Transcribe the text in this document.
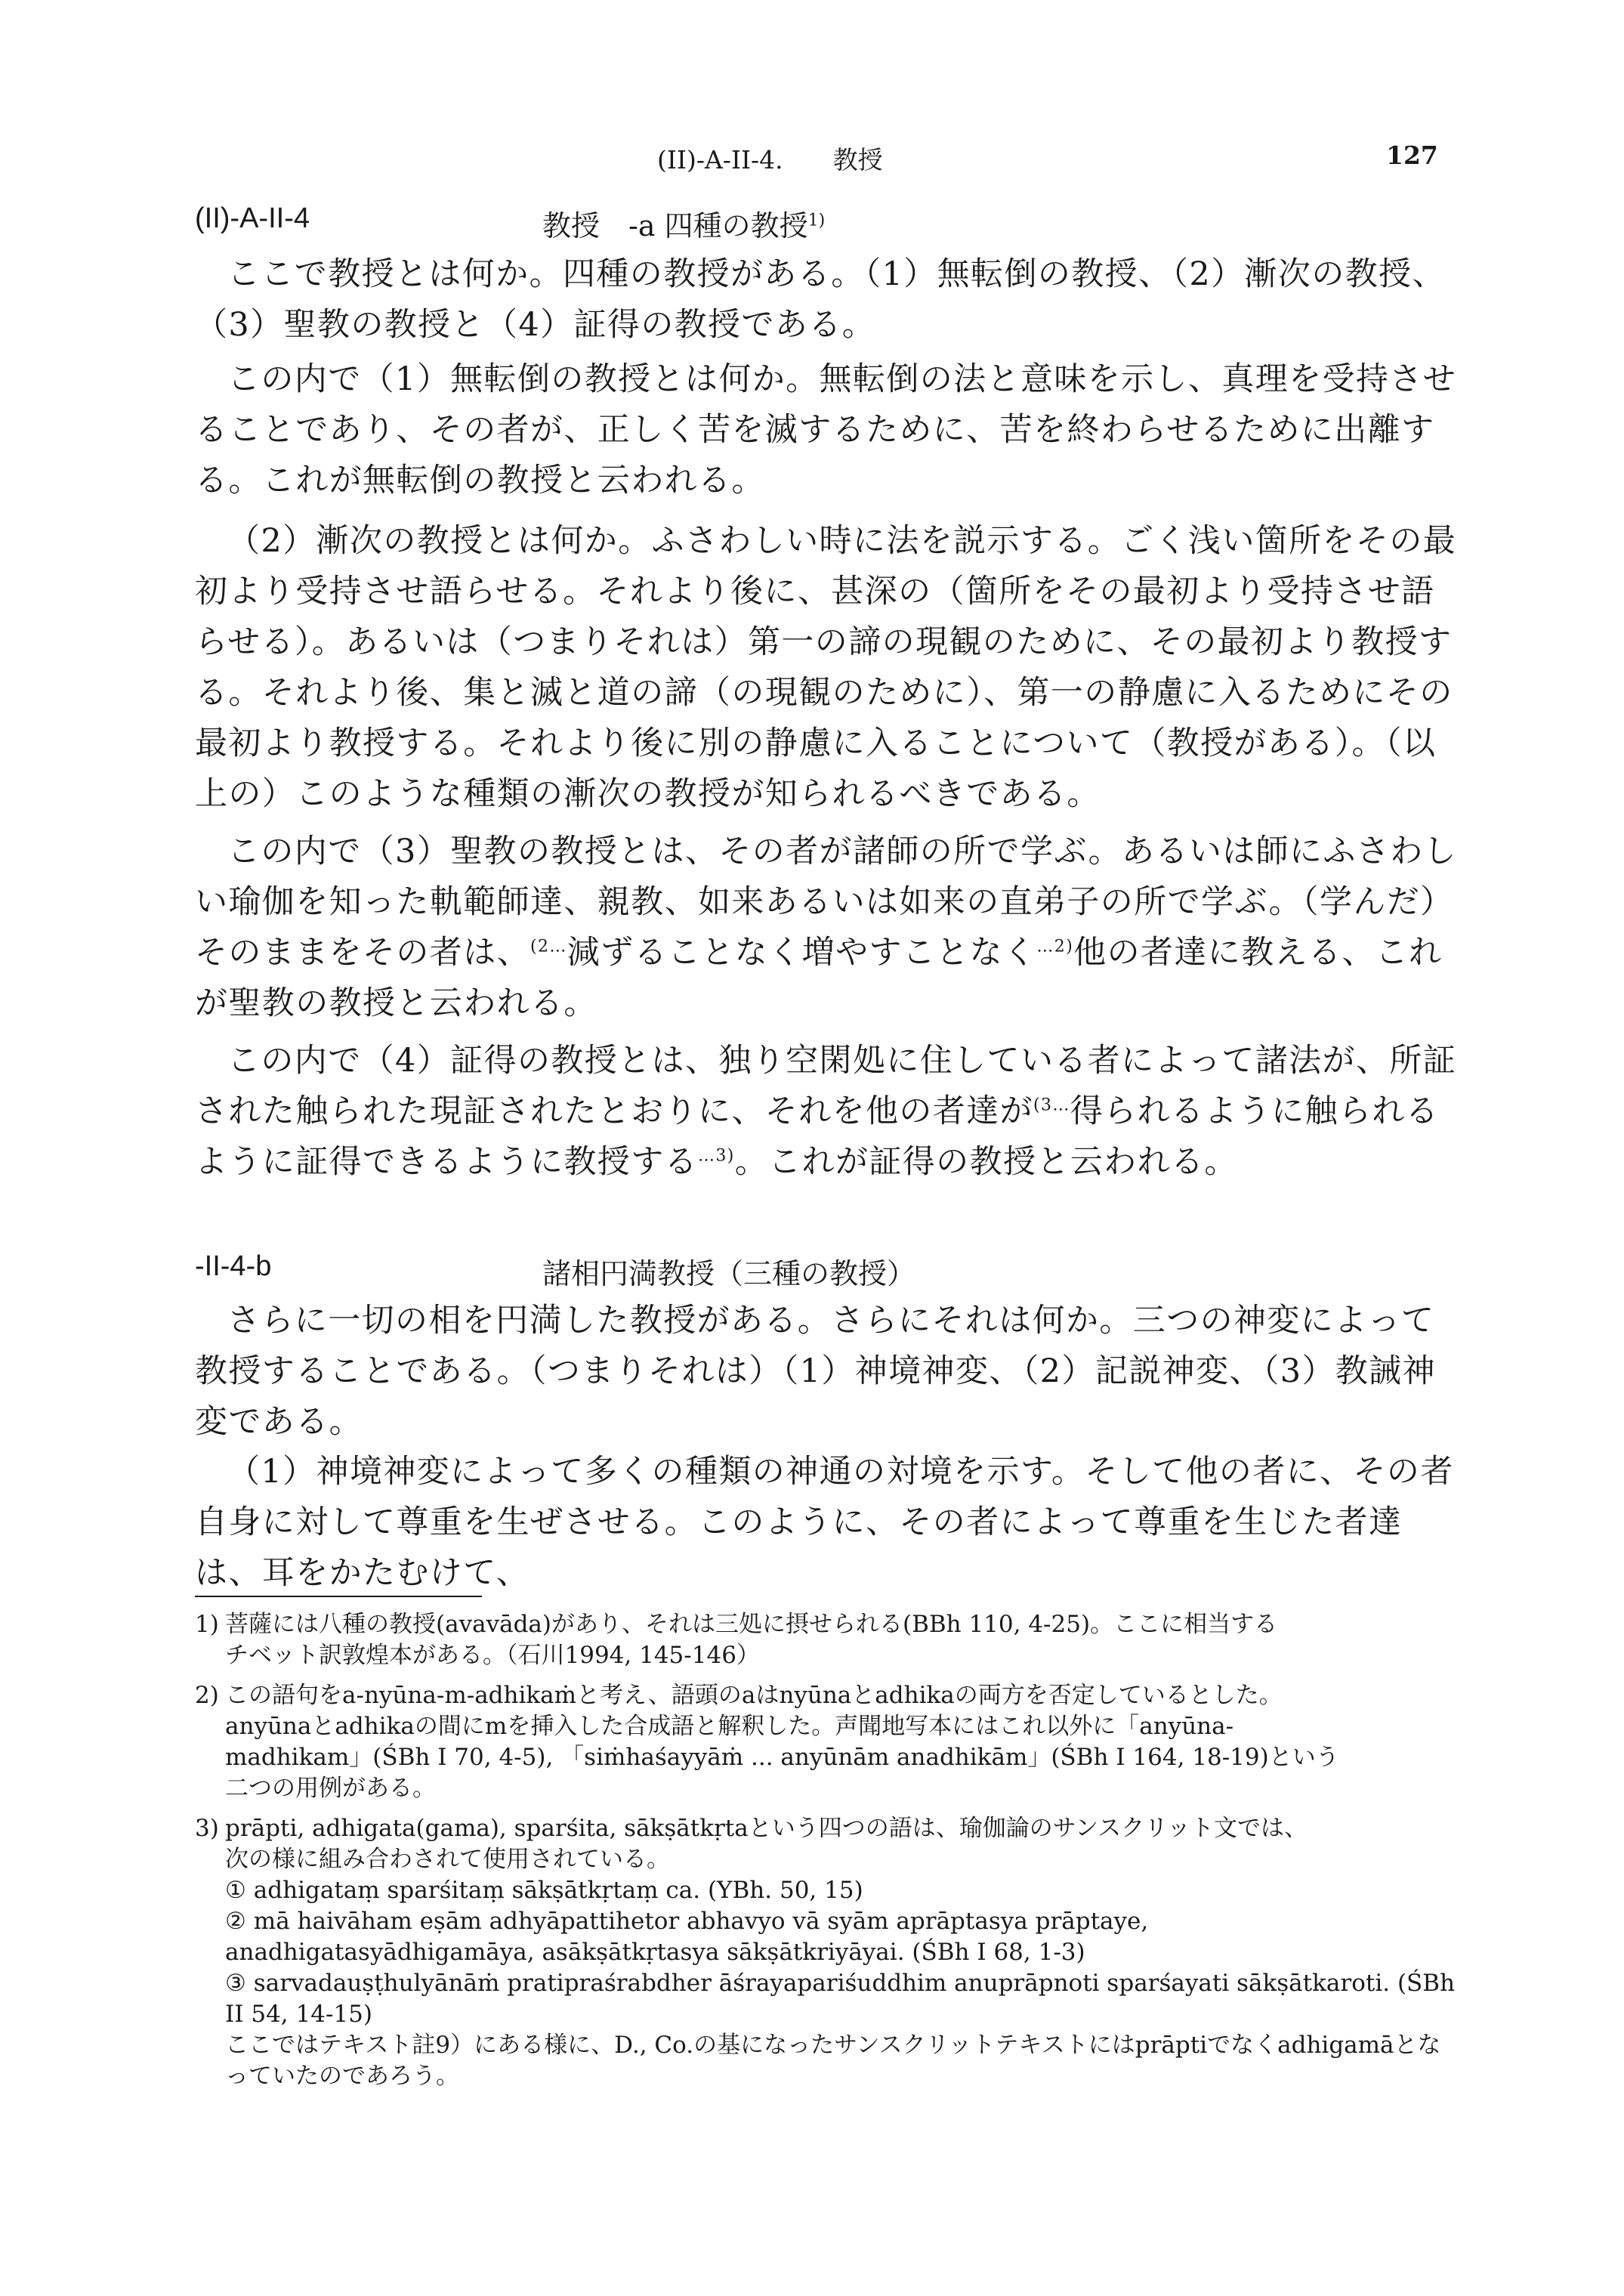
(II)-A-II-4.　　教授	127
(II)-A-II-4	教授　-a 四種の教授$^{1)}$

ここで教授とは何か。四種の教授がある。（1）無転倒の教授、（2）漸次の教授、（3）聖教の教授と（4）証得の教授である。

この内で（1）無転倒の教授とは何か。無転倒の法と意味を示し、真理を受持させることであり、その者が、正しく苦を滅するために、苦を終わらせるために出離する。これが無転倒の教授と云われる。

（2）漸次の教授とは何か。ふさわしい時に法を説示する。ごく浅い箇所をその最初より受持させ語らせる。それより後に、甚深の（箇所をその最初より受持させ語らせる）。あるいは（つまりそれは）第一の諦の現観のために、その最初より教授する。それより後、集と滅と道の諦（の現観のために）、第一の静慮に入るためにその最初より教授する。それより後に別の静慮に入ることについて（教授がある）。（以上の）このような種類の漸次の教授が知られるべきである。

この内で（3）聖教の教授とは、その者が諸師の所で学ぶ。あるいは師にふさわしい瑜伽を知った軌範師達、親教、如来あるいは如来の直弟子の所で学ぶ。（学んだ）そのままをその者は、$^{(2\dots}$減ずることなく増やすことなく$^{\dots 2)}$他の者達に教える、これが聖教の教授と云われる。

この内で（4）証得の教授とは、独り空閑処に住している者によって諸法が、所証された触られた現証されたとおりに、それを他の者達が$^{(3\dots}$得られるように触られるように証得できるように教授する$^{\dots 3)}$。これが証得の教授と云われる。

-II-4-b	諸相円満教授（三種の教授）

さらに一切の相を円満した教授がある。さらにそれは何か。三つの神変によって教授することである。（つまりそれは）（1）神境神変、（2）記説神変、（3）教誡神変である。

（1）神境神変によって多くの種類の神通の対境を示す。そして他の者に、その者自身に対して尊重を生ぜさせる。このように、その者によって尊重を生じた者達は、耳をかたむけて、

1) 菩薩には八種の教授(avavāda)があり、それは三処に摂せられる(BBh 110, 4-25)。ここに相当する
チベット訳敦煌本がある。（石川1994, 145-146）
2) この語句をa-nyūna-m-adhikaṁと考え、語頭のaはnyūnaとadhikaの両方を否定しているとした。
anyūnaとadhikaの間にmを挿入した合成語と解釈した。声聞地写本にはこれ以外に「anyūna-
madhikam」(ŚBh I 70, 4-5), 「siṁhaśayyāṁ ... anyūnām anadhikām」(ŚBh I 164, 18-19)という
二つの用例がある。
3) prāpti, adhigata(gama), sparśita, sākṣātkṛtaという四つの語は、瑜伽論のサンスクリット文では、
次の様に組み合わされて使用されている。
① adhigataṃ sparśitaṃ sākṣātkṛtaṃ ca. (YBh. 50, 15)
② mā haivāham eṣām adhyāpattihetor abhavyo vā syām aprāptasya prāptaye, anadhigatasyādhigamāya, asākṣātkṛtasya sākṣātkriyāyai. (ŚBh I 68, 1-3)
③ sarvadauṣṭhulyānāṁ pratipraśrabdher āśrayapariśuddhim anuprāpnoti sparśayati sākṣātkaroti. (ŚBh II 54, 14-15)
ここではテキスト註9）にある様に、D., Co.の基になったサンスクリットテキストにはprāptiでなくadhigamāとなっていたのであろう。
